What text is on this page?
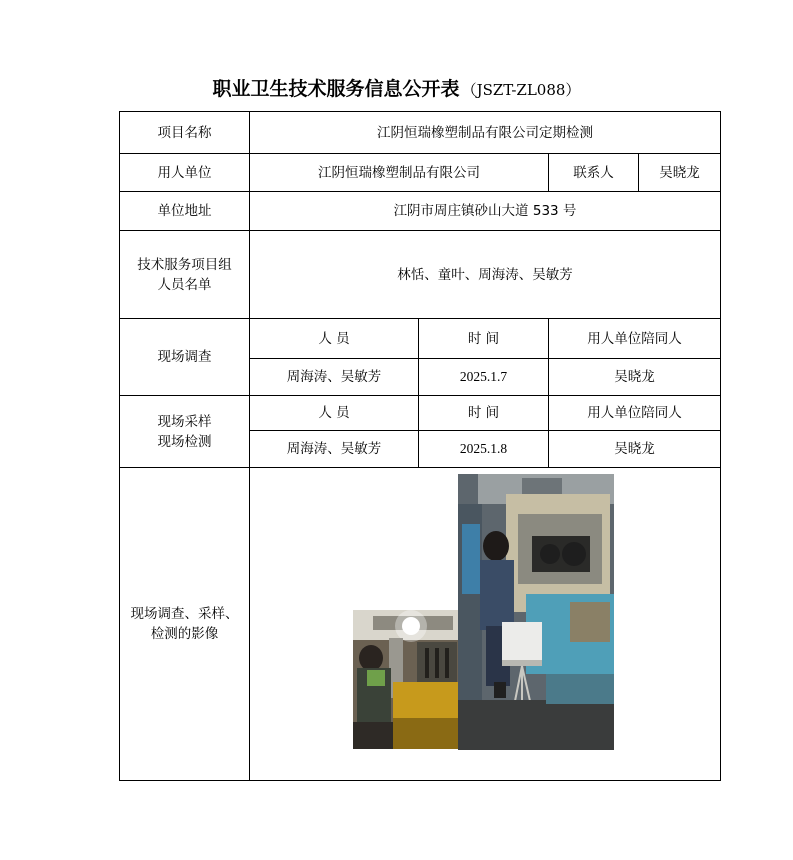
职业卫生技术服务信息公开表 （JSZT-ZL088）
项目名称	江阴恒瑞橡塑制品有限公司定期检测			
用人单位	江阴恒瑞橡塑制品有限公司		联系人	吴晓龙
单位地址	江阴市周庄镇砂山大道 533 号			

技术服务项目组
人员名单	林恬、童叶、周海涛、吴敏芳			
现场调查	人 员	时 间	用人单位陪同人	
	周海涛、吴敏芳	2025.1.7	吴晓龙	

现场采样
现场检测	人 员	时 间	用人单位陪同人	
	周海涛、吴敏芳	2025.1.8	吴晓龙	

现场调查、采样、
检测的影像
